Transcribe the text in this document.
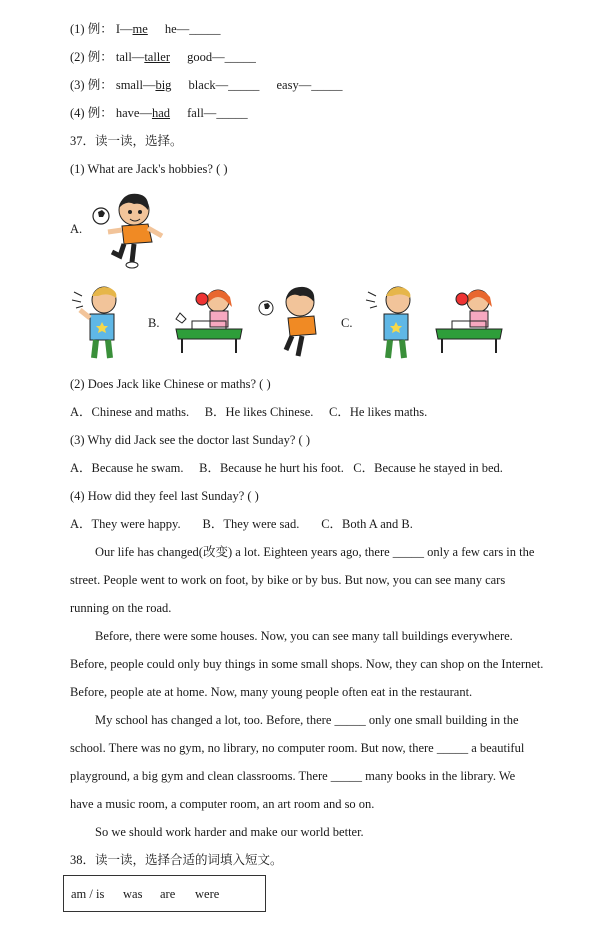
(1) 例： I—me he—_____
(2) 例： tall—taller good—_____
(3) 例： small—big black—_____ easy—_____
(4) 例： have—had fall—_____
37．读一读，选择。
(1) What are Jack's hobbies? ( )
A.
B.	C.
(2) Does Jack like Chinese or maths? ( )
A．Chinese and maths.     B．He likes Chinese.     C．He likes maths.
(3) Why did Jack see the doctor last Sunday? ( )
A．Because he swam.     B．Because he hurt his foot.   C．Because he stayed in bed.
(4) How did they feel last Sunday? ( )
A．They were happy.       B．They were sad.       C．Both A and B.
Our life has changed(改变) a lot. Eighteen years ago, there _____ only a few cars in the
street. People went to work on foot, by bike or by bus. But now, you can see many cars
running on the road.
Before, there were some houses. Now, you can see many tall buildings everywhere.
Before, people could only buy things in some small shops. Now, they can shop on the Internet.
Before, people ate at home. Now, many young people often eat in the restaurant.
My school has changed a lot, too. Before, there _____ only one small building in the
school. There was no gym, no library, no computer room. But now, there _____ a beautiful
playground, a big gym and clean classrooms. There _____ many books in the library. We
have a music room, a computer room, an art room and so on.
So we should work harder and make our world better.
38．读一读，选择合适的词填入短文。
am / is was are were
